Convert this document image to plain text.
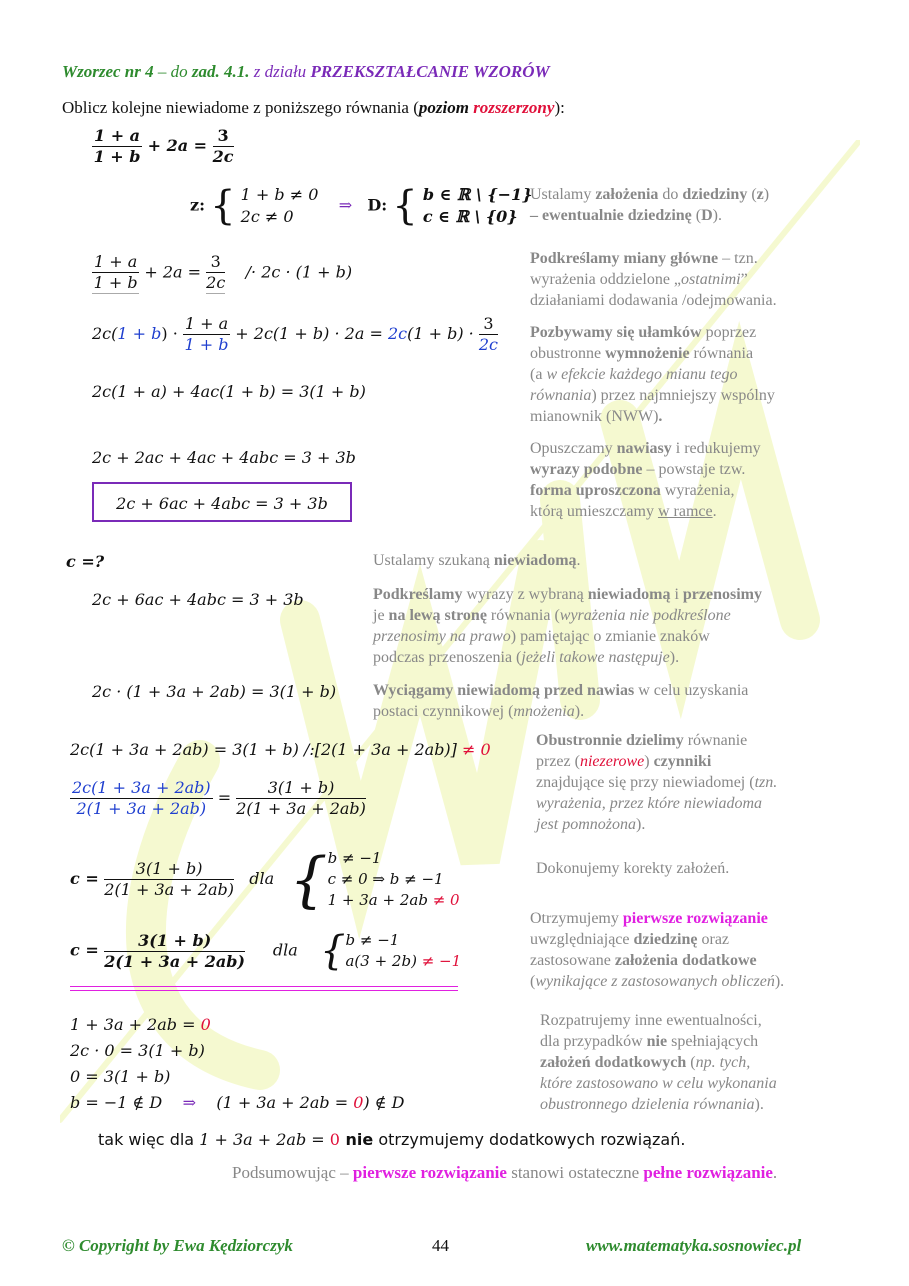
Wzorzec nr 4 – do zad. 4.1. z działu PRZEKSZTAŁCANIE WZORÓW
Oblicz kolejne niewiadome z poniższego równania (poziom rozszerzony):
$\frac{1 + a}{1 + b} + 2a = \frac{3}{2c}$
z: { 1 + b ≠ 0
2c ≠ 0
⇒ D: { b ∈ ℝ \ {−1}
c ∈ ℝ \ {0}
Ustalamy założenia do dziedziny (z)
– ewentualnie dziedzinę (D).
$\frac{1 + a}{1 + b} + 2a = \frac{3}{2c} /\cdot 2c \cdot (1 + b)$
Podkreślamy miany główne – tzn.
wyrażenia oddzielone „ostatnimi”
działaniami dodawania /odejmowania.
$2c(1 + b) \cdot \frac{1 + a}{1 + b} + 2c(1 + b) \cdot 2a = 2c(1 + b) \cdot \frac{3}{2c}$ Pozbywamy się ułamków poprzez
obustronne wymnożenie równania
(a w efekcie każdego mianu tego
równania) przez najmniejszy wspólny
mianownik (NWW).
2c(1 + a) + 4ac(1 + b) = 3(1 + b)
2c + 2ac + 4ac + 4abc = 3 + 3b
2c + 6ac + 4abc = 3 + 3b
Opuszczamy nawiasy i redukujemy
wyrazy podobne – powstaje tzw.
forma uproszczona wyrażenia,
którą umieszczamy w ramce.
c =?	Ustalamy szukaną niewiadomą.
2c + 6ac + 4abc = 3 + 3b	Podkreślamy wyrazy z wybraną niewiadomą i przenosimy
je na lewą stronę równania (wyrażenia nie podkreślone
przenosimy na prawo) pamiętając o zmianie znaków
podczas przenoszenia (jeżeli takowe następuje).
2c · (1 + 3a + 2ab) = 3(1 + b) Wyciągamy niewiadomą przed nawias w celu uzyskania
postaci czynnikowej (mnożenia).
2c(1 + 3a + 2ab) = 3(1 + b) /:[2(1 + 3a + 2ab)] ≠ 0	Obustronnie dzielimy równanie
przez (niezerowe) czynniki
znajdujące się przy niewiadomej (tzn.
wyrażenia, przez które niewiadoma
jest pomnożona).
$\frac{2c(1 + 3a + 2ab)}{2(1 + 3a + 2ab)} = \frac{3(1 + b)}{2(1 + 3a + 2ab)}$
$c = \frac{3(1 + b)}{2(1 + 3a + 2ab)}$ dla { b ≠ −1
c ≠ 0 ⇒ b ≠ −1
1 + 3a + 2ab ≠ 0
Dokonujemy korekty założeń.
$c = \frac{3(1 + b)}{2(1 + 3a + 2ab)}$ dla { b ≠ −1
a(3 + 2b) ≠ −1
Otrzymujemy pierwsze rozwiązanie
uwzględniające dziedzinę oraz
zastosowane założenia dodatkowe
(wynikające z zastosowanych obliczeń).
1 + 3a + 2ab = 0
2c · 0 = 3(1 + b)
0 = 3(1 + b)
b = −1 ∉ D ⇒ (1 + 3a + 2ab = 0) ∉ D
Rozpatrujemy inne ewentualności,
dla przypadków nie spełniających
założeń dodatkowych (np. tych,
które zastosowano w celu wykonania
obustronnego dzielenia równania).
tak więc dla 1 + 3a + 2ab = 0 nie otrzymujemy dodatkowych rozwiązań.
Podsumowując – pierwsze rozwiązanie stanowi ostateczne pełne rozwiązanie.
© Copyright by Ewa Kędziorczyk	44	www.matematyka.sosnowiec.pl
